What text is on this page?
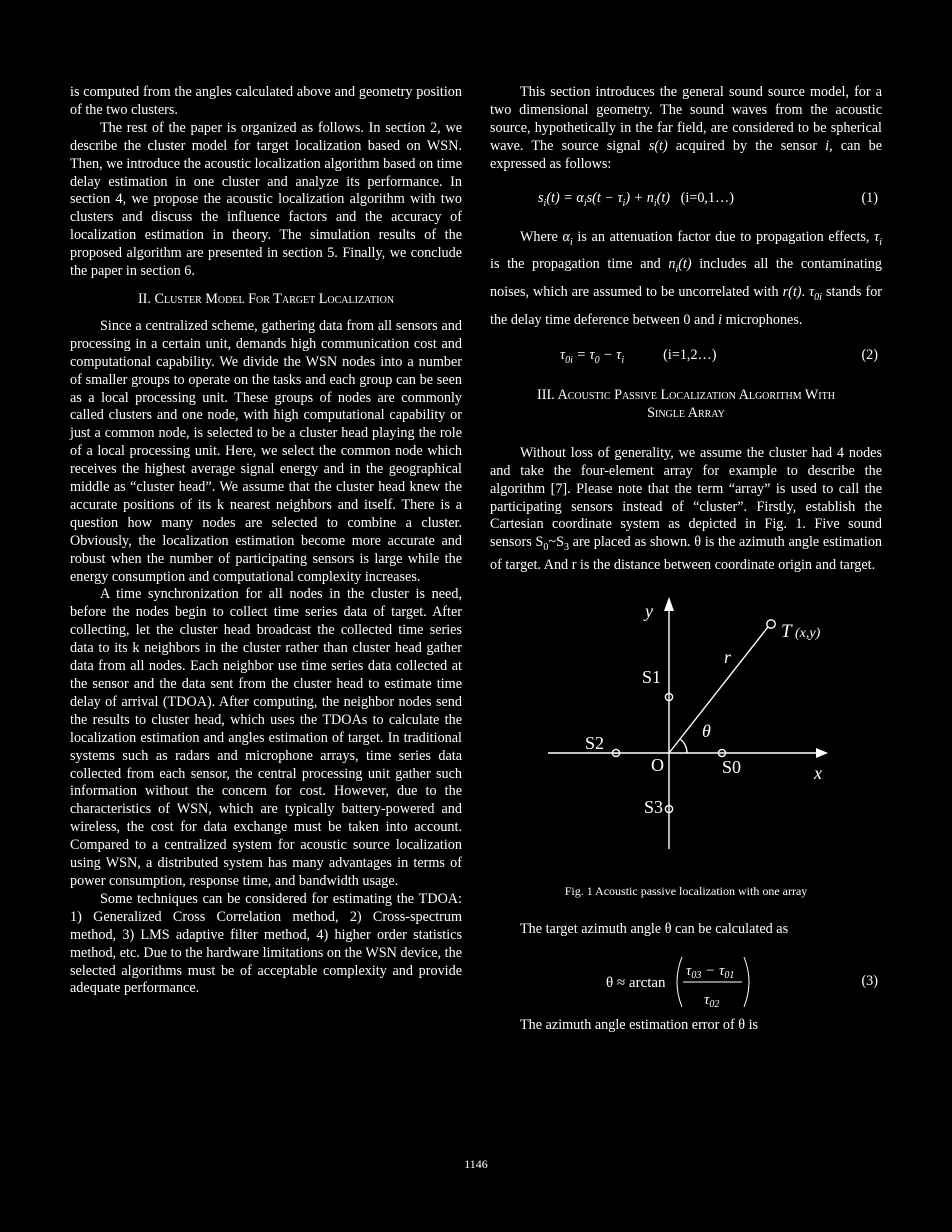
is computed from the angles calculated above and geometry position of the two clusters.

The rest of the paper is organized as follows. In section 2, we describe the cluster model for target localization based on WSN. Then, we introduce the acoustic localization algorithm based on time delay estimation in one cluster and analyze its performance. In section 4, we propose the acoustic localization algorithm with two clusters and discuss the influence factors and the accuracy of localization estimation in theory. The simulation results of the proposed algorithm are presented in section 5. Finally, we conclude the paper in section 6.

II. Cluster Model For Target Localization

Since a centralized scheme, gathering data from all sensors and processing in a certain unit, demands high communication cost and computational capability. We divide the WSN nodes into a number of smaller groups to operate on the tasks and each group can be seen as a local processing unit. These groups of nodes are commonly called clusters and one node, with high computational capability or just a common node, is selected to be a cluster head playing the role of a local processing unit. Here, we select the common node which receives the highest average signal energy and in the geographical middle as “cluster head”. We assume that the cluster head knew the accurate positions of its k nearest neighbors and itself. There is a question how many nodes are selected to combine a cluster. Obviously, the localization estimation become more accurate and robust when the number of participating sensors is large while the energy consumption and computational complexity increases.

A time synchronization for all nodes in the cluster is need, before the nodes begin to collect time series data of target. After collecting, let the cluster head broadcast the collected time series data to its k neighbors in the cluster rather than cluster head gather data from all nodes. Each neighbor use time series data collected at the sensor and the data sent from the cluster head to estimate time delay of arrival (TDOA). After computing, the neighbor nodes send the results to cluster head, which uses the TDOAs to calculate the localization estimation and angles estimation of target. In traditional systems such as radars and microphone arrays, time series data collected from each sensor, the central processing unit gather such information without the concern for cost. However, due to the characteristics of WSN, which are typically battery-powered and wireless, the cost for data exchange must be taken into account. Compared to a centralized system for acoustic source localization using WSN, a distributed system has many advantages in terms of power consumption, response time, and bandwidth usage.

Some techniques can be considered for estimating the TDOA: 1) Generalized Cross Correlation method, 2) Cross-spectrum method, 3) LMS adaptive filter method, 4) higher order statistics method, etc. Due to the hardware limitations on the WSN device, the selected algorithms must be of acceptable complexity and provide adequate performance.

This section introduces the general sound source model, for a two dimensional geometry. The sound waves from the acoustic source, hypothetically in the far field, are considered to be spherical wave. The source signal s(t) acquired by the sensor i, can be expressed as follows:

$s_i(t) = \alpha_is(t - \tau_i) + n_i(t)$   (i=0,1…)	(1)

Where $\alpha_i$ is an attenuation factor due to propagation effects, $\tau_i$ is the propagation time and $n_i(t)$ includes all the contaminating noises, which are assumed to be uncorrelated with r(t). $\tau_{0i}$ stands for the delay time deference between 0 and i microphones.

$\tau_{0i} = \tau_0 - \tau_i$	(i=1,2…)	(2)

III. Acoustic Passive Localization Algorithm With
Single Array

Without loss of generality, we assume the cluster had 4 nodes and take the four-element array for example to describe the algorithm [7]. Please note that the term “array” is used to call the participating sensors instead of “cluster”. Firstly, establish the Cartesian coordinate system as depicted in Fig. 1. Five sound sensors $S_0\sim S_3$ are placed as shown. θ is the azimuth angle estimation of target. And r is the distance between coordinate origin and target.

y
x
T (x,y)
r
θ
O	S0
S1
S2
S3

Fig. 1 Acoustic passive localization with one array

The target azimuth angle θ can be calculated as

θ ≈ arctan
$\tau_{03} - \tau_{01}$
$\tau_{02}$
(3)

The azimuth angle estimation error of θ is

1146
